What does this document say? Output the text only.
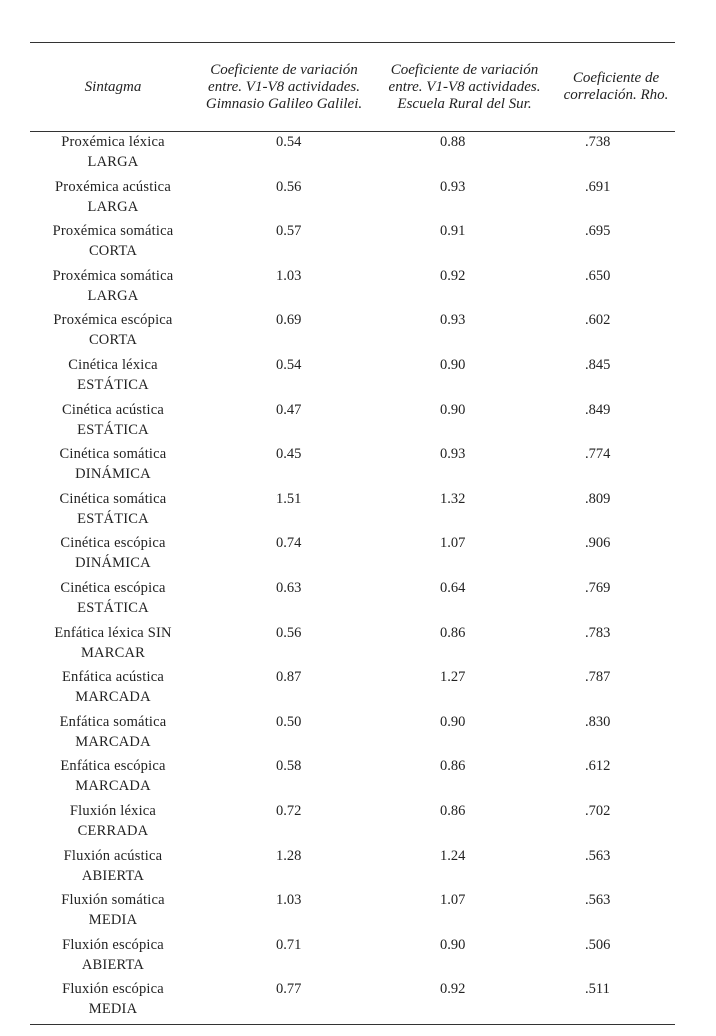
Sintagma	Coeficiente de variación entre. V1-V8 actividades. Gimnasio Galileo Galilei.	Coeficiente de variación entre. V1-V8 actividades. Escuela Rural del Sur.	Coeficiente de correlación. Rho.

Proxémica léxica
LARGA	0.54	0.88	.738

Proxémica acústica
LARGA	0.56	0.93	.691

Proxémica somática
CORTA	0.57	0.91	.695

Proxémica somática
LARGA	1.03	0.92	.650

Proxémica escópica
CORTA	0.69	0.93	.602

Cinética léxica
ESTÁTICA	0.54	0.90	.845

Cinética acústica
ESTÁTICA	0.47	0.90	.849

Cinética somática
DINÁMICA	0.45	0.93	.774

Cinética somática
ESTÁTICA	1.51	1.32	.809

Cinética escópica
DINÁMICA	0.74	1.07	.906

Cinética escópica
ESTÁTICA	0.63	0.64	.769

Enfática léxica SIN
MARCAR	0.56	0.86	.783

Enfática acústica
MARCADA	0.87	1.27	.787

Enfática somática
MARCADA	0.50	0.90	.830

Enfática escópica
MARCADA	0.58	0.86	.612

Fluxión léxica
CERRADA	0.72	0.86	.702

Fluxión acústica
ABIERTA	1.28	1.24	.563

Fluxión somática
MEDIA	1.03	1.07	.563

Fluxión escópica
ABIERTA	0.71	0.90	.506

Fluxión escópica
MEDIA	0.77	0.92	.511
